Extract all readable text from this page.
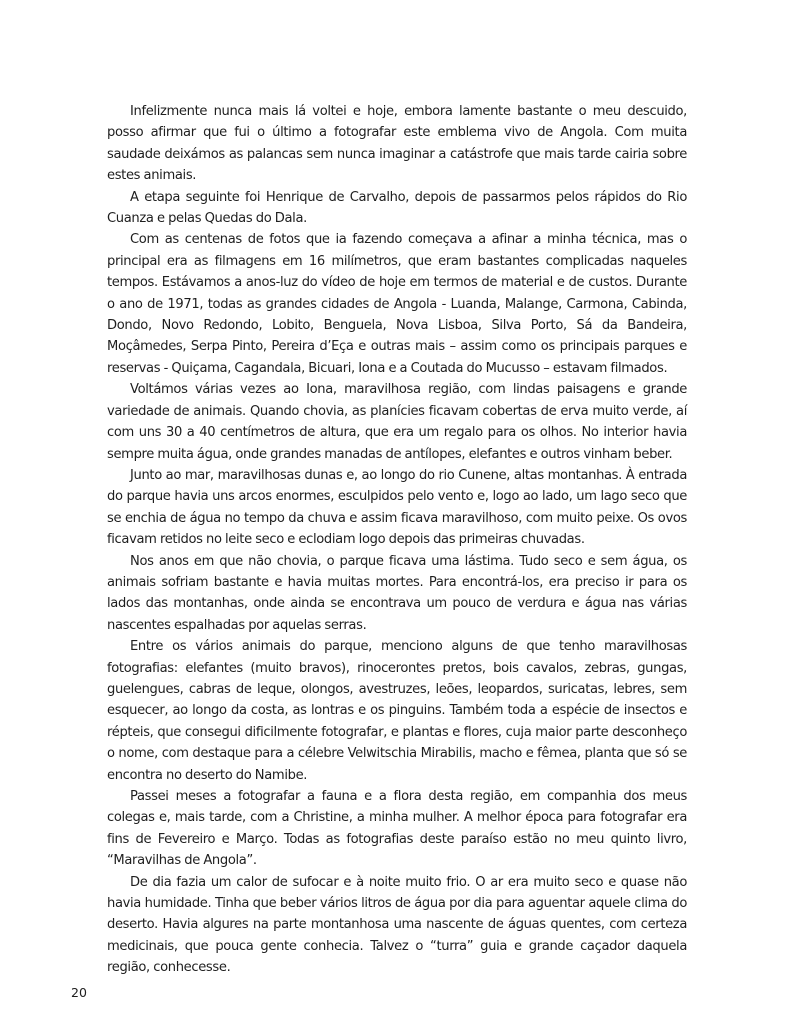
Infelizmente nunca mais lá voltei e hoje, embora lamente bastante o meu descuido, posso afirmar que fui o último a fotografar este emblema vivo de Angola. Com muita saudade deixámos as palancas sem nunca imaginar a catástrofe que mais tarde cairia sobre estes animais.

A etapa seguinte foi Henrique de Carvalho, depois de passarmos pelos rápidos do Rio Cuanza e pelas Quedas do Dala.

Com as centenas de fotos que ia fazendo começava a afinar a minha técnica, mas o principal era as filmagens em 16 milímetros, que eram bastantes complicadas naqueles tempos. Estávamos a anos-luz do vídeo de hoje em termos de material e de custos. Durante o ano de 1971, todas as grandes cidades de Angola - Luanda, Malange, Carmona, Cabinda, Dondo, Novo Redondo, Lobito, Benguela, Nova Lisboa, Silva Porto, Sá da Bandeira, Moçâmedes, Serpa Pinto, Pereira d’Eça e outras mais – assim como os principais parques e reservas - Quiçama, Cagandala, Bicuari, Iona e a Coutada do Mucusso – estavam filmados.

Voltámos várias vezes ao Iona, maravilhosa região, com lindas paisagens e grande variedade de animais. Quando chovia, as planícies ficavam cobertas de erva muito verde, aí com uns 30 a 40 centímetros de altura, que era um regalo para os olhos. No interior havia sempre muita água, onde grandes manadas de antílopes, elefantes e outros vinham beber.

Junto ao mar, maravilhosas dunas e, ao longo do rio Cunene, altas montanhas. À entrada do parque havia uns arcos enormes, esculpidos pelo vento e, logo ao lado, um lago seco que se enchia de água no tempo da chuva e assim ficava maravilhoso, com muito peixe. Os ovos ficavam retidos no leite seco e eclodiam logo depois das primeiras chuvadas.

Nos anos em que não chovia, o parque ficava uma lástima. Tudo seco e sem água, os animais sofriam bastante e havia muitas mortes. Para encontrá-los, era preciso ir para os lados das montanhas, onde ainda se encontrava um pouco de verdura e água nas várias nascentes espalhadas por aquelas serras.

Entre os vários animais do parque, menciono alguns de que tenho maravilhosas fotografias: elefantes (muito bravos), rinocerontes pretos, bois cavalos, zebras, gungas, guelengues, cabras de leque, olongos, avestruzes, leões, leopardos, suricatas, lebres, sem esquecer, ao longo da costa, as lontras e os pinguins. Também toda a espécie de insectos e répteis, que consegui dificilmente fotografar, e plantas e flores, cuja maior parte desconheço o nome, com destaque para a célebre Velwitschia Mirabilis, macho e fêmea, planta que só se encontra no deserto do Namibe.

Passei meses a fotografar a fauna e a flora desta região, em companhia dos meus colegas e, mais tarde, com a Christine, a minha mulher. A melhor época para fotografar era fins de Fevereiro e Março. Todas as fotografias deste paraíso estão no meu quinto livro, “Maravilhas de Angola”.

De dia fazia um calor de sufocar e à noite muito frio. O ar era muito seco e quase não havia humidade. Tinha que beber vários litros de água por dia para aguentar aquele clima do deserto. Havia algures na parte montanhosa uma nascente de águas quentes, com certeza medicinais, que pouca gente conhecia. Talvez o “turra” guia e grande caçador daquela região, conhecesse.

20
